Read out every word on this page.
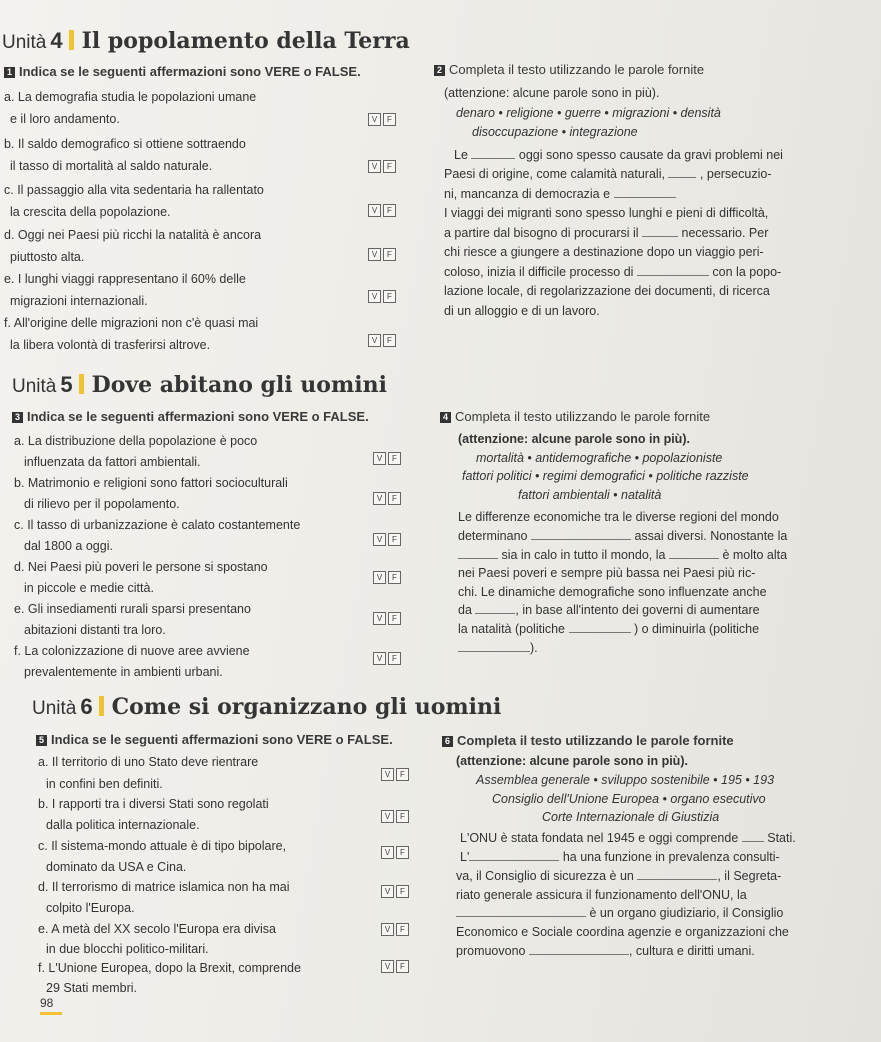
Unità 4 Il popolamento della Terra
1 Indica se le seguenti affermazioni sono VERE o FALSE.
a. La demografia studia le popolazioni umane
e il loro andamento.	V	F
b. Il saldo demografico si ottiene sottraendo
il tasso di mortalità al saldo naturale.	V	F
c. Il passaggio alla vita sedentaria ha rallentato
la crescita della popolazione.	V	F
d. Oggi nei Paesi più ricchi la natalità è ancora
piuttosto alta.	V	F
e. I lunghi viaggi rappresentano il 60% delle
migrazioni internazionali.	V	F
f. All'origine delle migrazioni non c'è quasi mai
la libera volontà di trasferirsi altrove.	V	F
2 Completa il testo utilizzando le parole fornite

(attenzione: alcune parole sono in più).

denaro • religione • guerre • migrazioni • densità

disoccupazione • integrazione

Le	oggi sono spesso causate da gravi problemi nei

Paesi di origine, come calamità naturali,	, persecuzio-

ni, mancanza di democrazia e

I viaggi dei migranti sono spesso lunghi e pieni di difficoltà,

a partire dal bisogno di procurarsi il	necessario. Per

chi riesce a giungere a destinazione dopo un viaggio peri-

coloso, inizia il difficile processo di	con la popo-

lazione locale, di regolarizzazione dei documenti, di ricerca

di un alloggio e di un lavoro.

Unità 5 Dove abitano gli uomini
3 Indica se le seguenti affermazioni sono VERE o FALSE.
a. La distribuzione della popolazione è poco
influenzata da fattori ambientali.	V	F
b. Matrimonio e religioni sono fattori socioculturali
di rilievo per il popolamento.	V	F
c. Il tasso di urbanizzazione è calato costantemente
dal 1800 a oggi.	V	F
d. Nei Paesi più poveri le persone si spostano
in piccole e medie città.
V	F
e. Gli insediamenti rurali sparsi presentano
abitazioni distanti tra loro.
V	F
f. La colonizzazione di nuove aree avviene
prevalentemente in ambienti urbani.
V	F
4 Completa il testo utilizzando le parole fornite

(attenzione: alcune parole sono in più).

mortalità • antidemografiche • popolazioniste

fattori politici • regimi demografici • politiche razziste

fattori ambientali • natalità

Le differenze economiche tra le diverse regioni del mondo

determinano	assai diversi. Nonostante la

sia in calo in tutto il mondo, la	è molto alta

nei Paesi poveri e sempre più bassa nei Paesi più ric-

chi. Le dinamiche demografiche sono influenzate anche

da	, in base all'intento dei governi di aumentare

la natalità (politiche	) o diminuirla (politiche

).

Unità 6 Come si organizzano gli uomini
5 Indica se le seguenti affermazioni sono VERE o FALSE.
a. Il territorio di uno Stato deve rientrare
in confini ben definiti.
V	F
b. I rapporti tra i diversi Stati sono regolati
dalla politica internazionale.
V	F
c. Il sistema-mondo attuale è di tipo bipolare,
dominato da USA e Cina.
V	F
d. Il terrorismo di matrice islamica non ha mai
colpito l'Europa.
V	F
e. A metà del XX secolo l'Europa era divisa
in due blocchi politico-militari.
V	F
f. L'Unione Europea, dopo la Brexit, comprende
29 Stati membri.
V	F
6 Completa il testo utilizzando le parole fornite

(attenzione: alcune parole sono in più).

Assemblea generale • sviluppo sostenibile • 195 • 193

Consiglio dell'Unione Europea • organo esecutivo

Corte Internazionale di Giustizia

L'ONU è stata fondata nel 1945 e oggi comprende Stati.

L'	ha una funzione in prevalenza consulti-

va, il Consiglio di sicurezza è un	, il Segreta-

riato generale assicura il funzionamento dell'ONU, la

è un organo giudiziario, il Consiglio

Economico e Sociale coordina agenzie e organizzazioni che

promuovono	, cultura e diritti umani.

98
